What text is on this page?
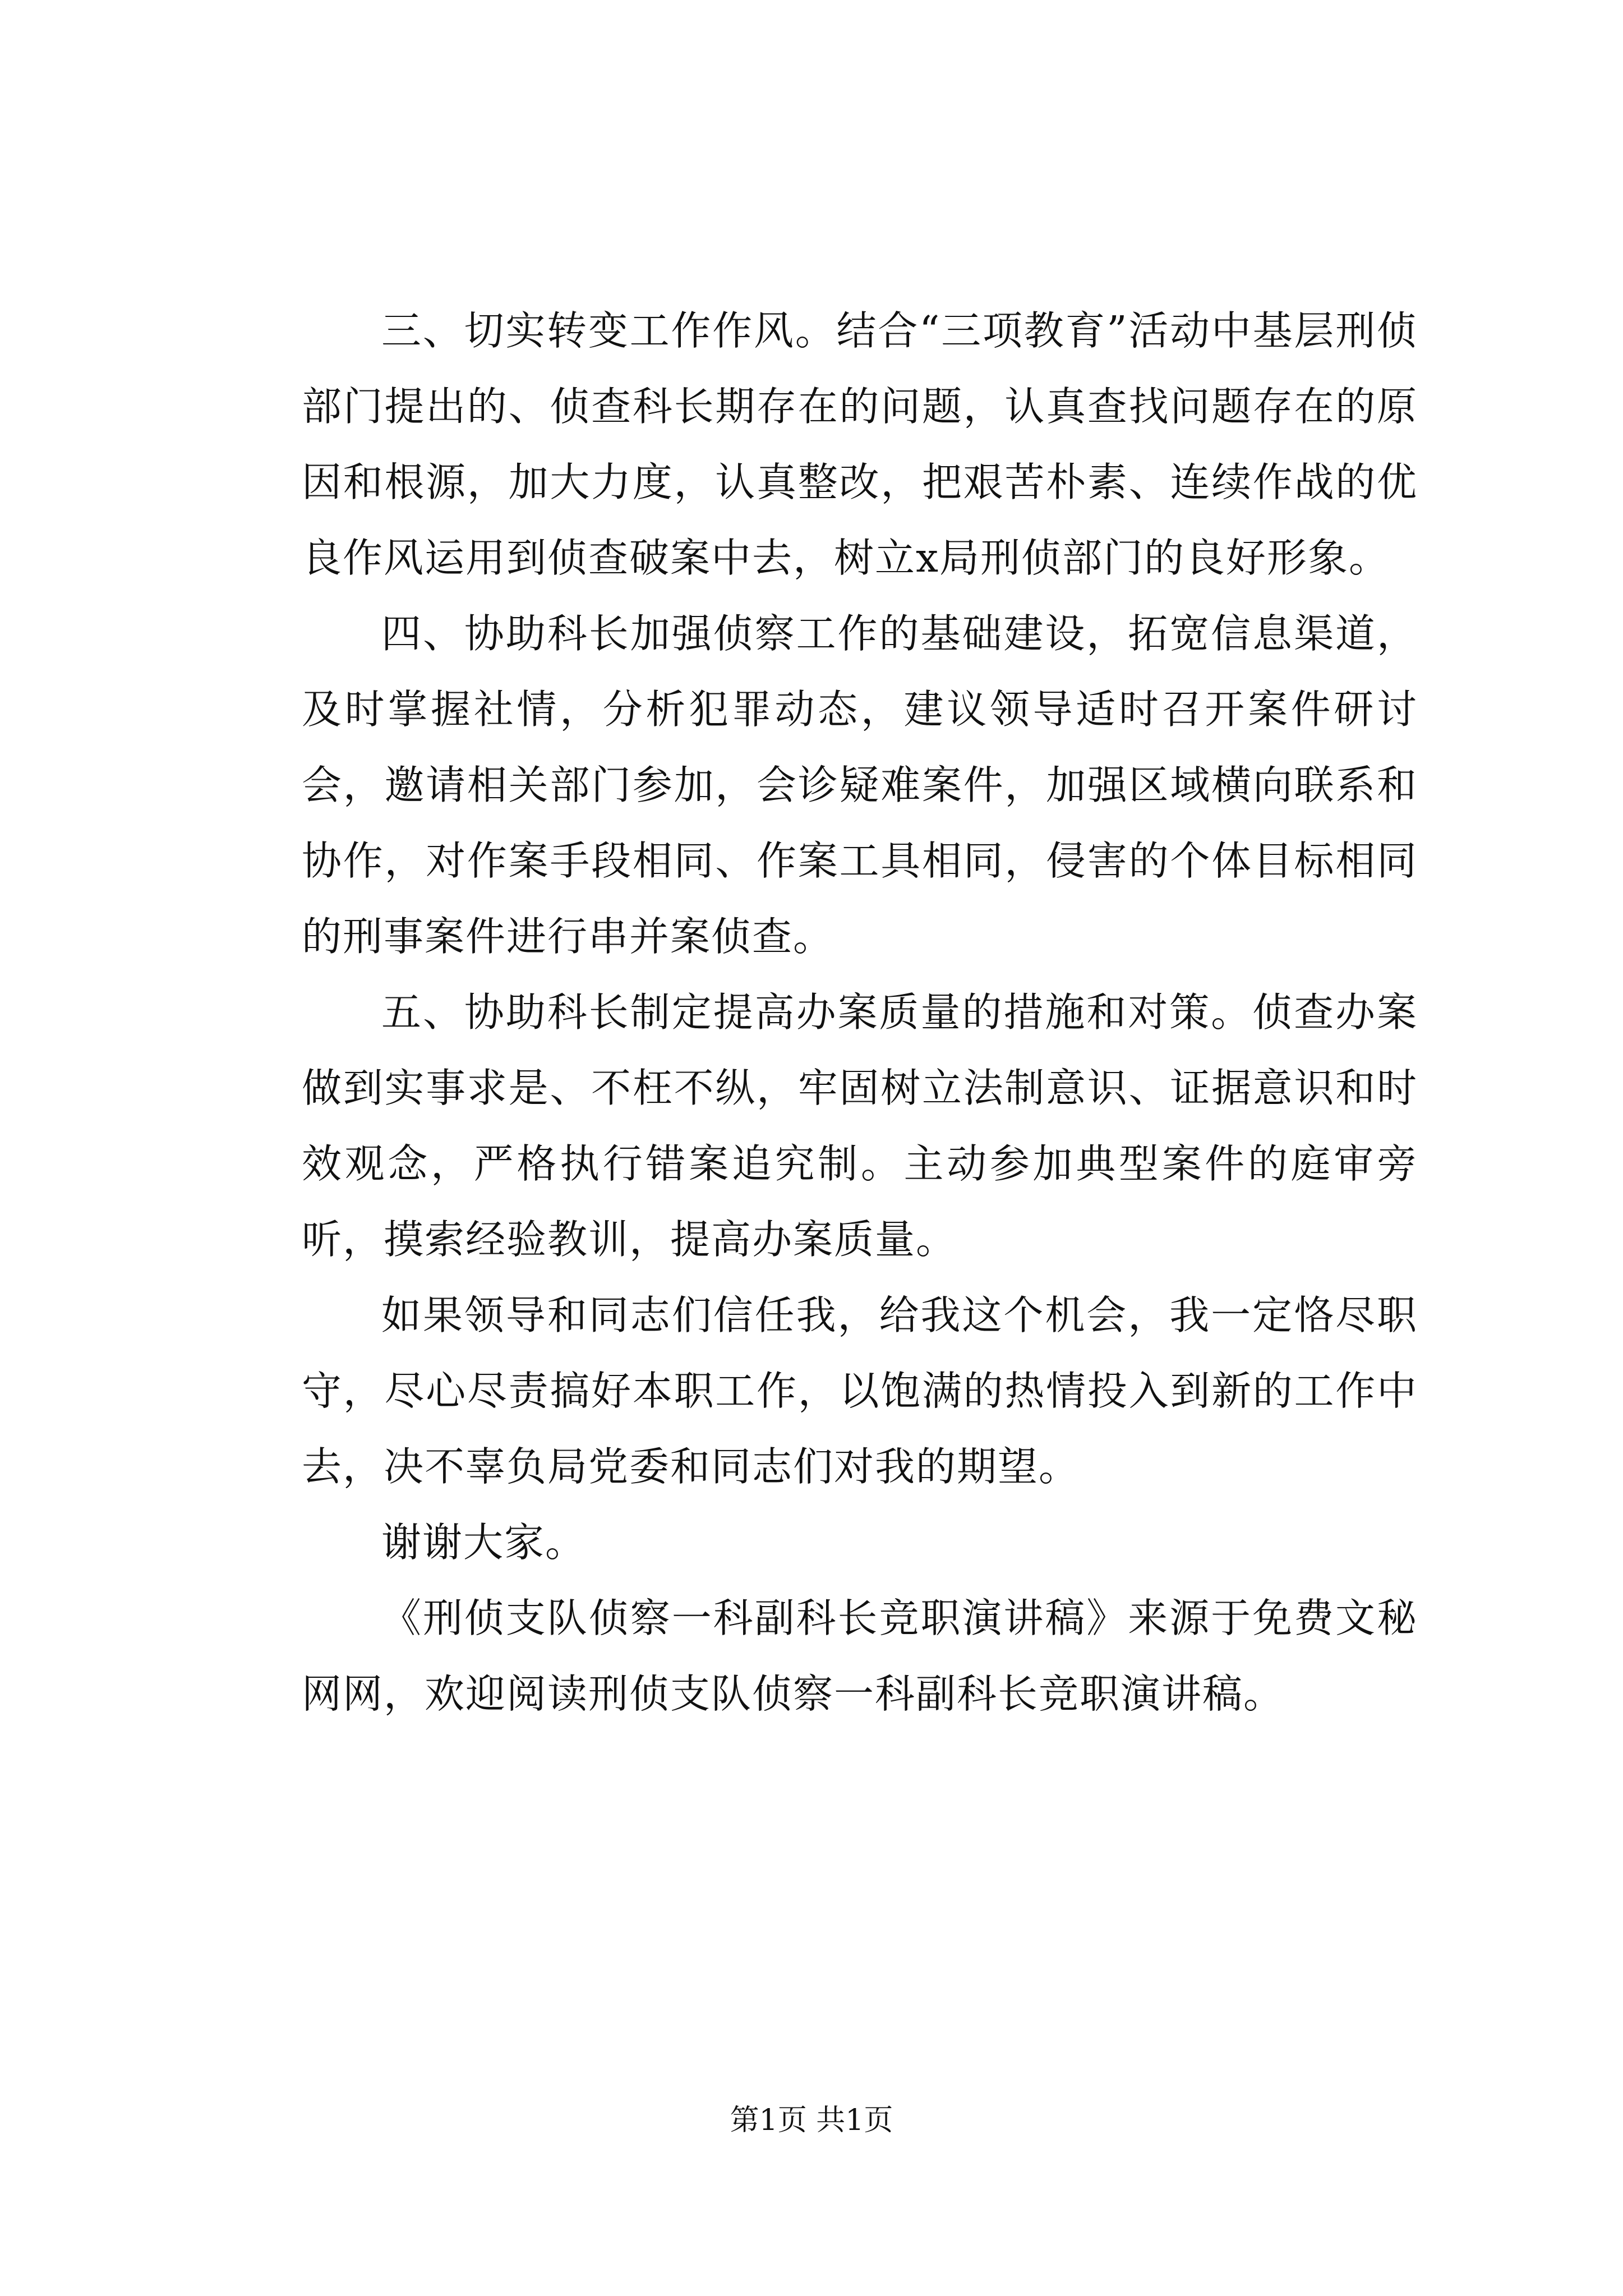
三、切实转变工作作风。结合“三项教育”活动中基层刑侦部门提出的、侦查科长期存在的问题，认真查找问题存在的原因和根源，加大力度，认真整改，把艰苦朴素、连续作战的优良作风运用到侦查破案中去，树立x局刑侦部门的良好形象。

四、协助科长加强侦察工作的基础建设，拓宽信息渠道，及时掌握社情，分析犯罪动态，建议领导适时召开案件研讨会，邀请相关部门参加，会诊疑难案件，加强区域横向联系和协作，对作案手段相同、作案工具相同，侵害的个体目标相同的刑事案件进行串并案侦查。

五、协助科长制定提高办案质量的措施和对策。侦查办案做到实事求是、不枉不纵，牢固树立法制意识、证据意识和时效观念，严格执行错案追究制。主动参加典型案件的庭审旁听，摸索经验教训，提高办案质量。

如果领导和同志们信任我，给我这个机会，我一定恪尽职守，尽心尽责搞好本职工作，以饱满的热情投入到新的工作中去，决不辜负局党委和同志们对我的期望。

谢谢大家。

《刑侦支队侦察一科副科长竞职演讲稿》来源于免费文秘网网，欢迎阅读刑侦支队侦察一科副科长竞职演讲稿。

第1页 共1页
